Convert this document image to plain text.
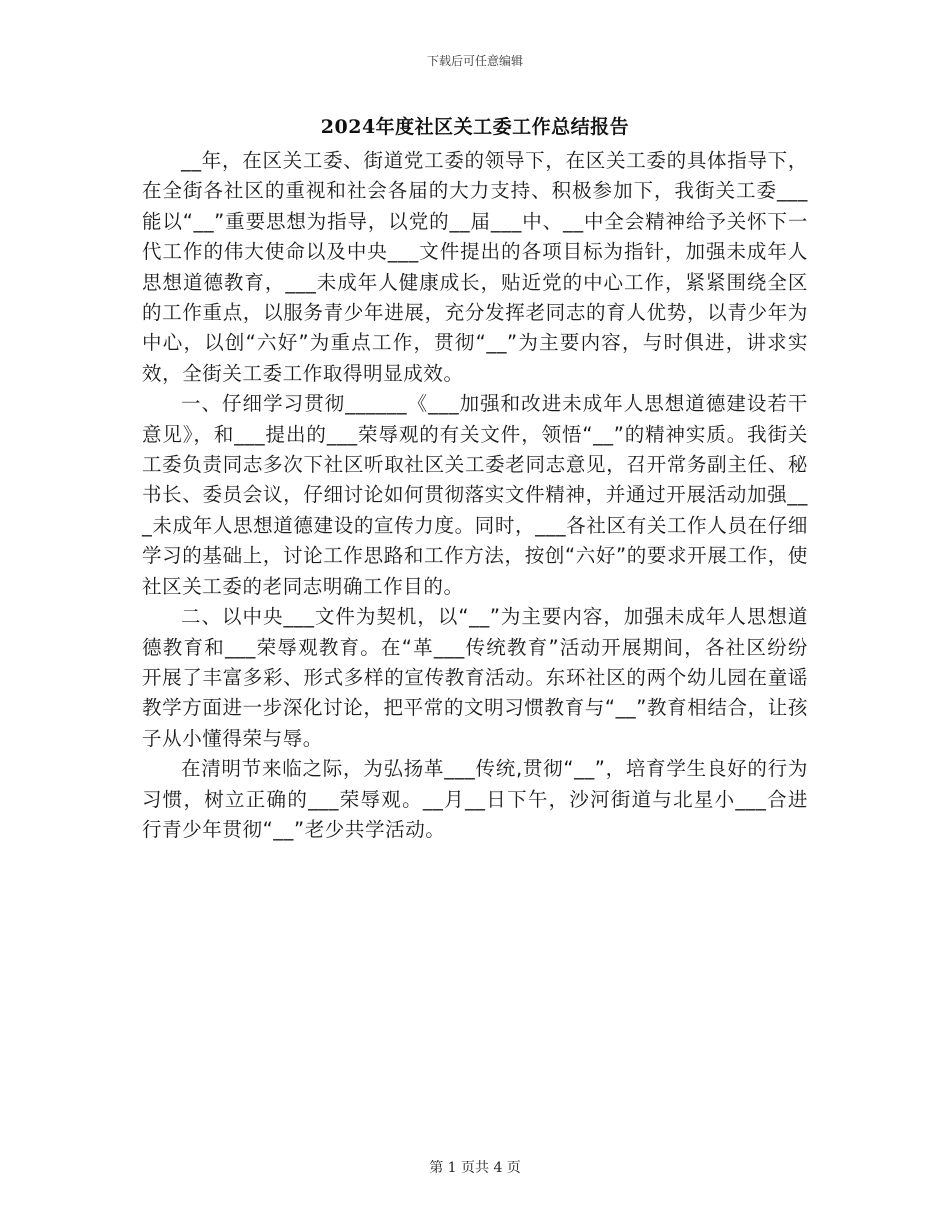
下载后可任意编辑
2024年度社区关工委工作总结报告

__年，在区关工委、街道党工委的领导下，在区关工委的具体指导下，在全街各社区的重视和社会各届的大力支持、积极参加下，我街关工委___能以“__”重要思想为指导，以党的__届___中、__中全会精神给予关怀下一代工作的伟大使命以及中央___文件提出的各项目标为指针，加强未成年人思想道德教育，___未成年人健康成长，贴近党的中心工作，紧紧围绕全区的工作重点，以服务青少年进展，充分发挥老同志的育人优势，以青少年为中心，以创“六好”为重点工作，贯彻“__”为主要内容，与时俱进，讲求实效，全街关工委工作取得明显成效。

一、仔细学习贯彻______《___加强和改进未成年人思想道德建设若干意见》，和___提出的___荣辱观的有关文件，领悟“__”的精神实质。我街关工委负责同志多次下社区听取社区关工委老同志意见，召开常务副主任、秘书长、委员会议，仔细讨论如何贯彻落实文件精神，并通过开展活动加强___未成年人思想道德建设的宣传力度。同时，___各社区有关工作人员在仔细学习的基础上，讨论工作思路和工作方法，按创“六好”的要求开展工作，使社区关工委的老同志明确工作目的。

二、以中央___文件为契机，以“__”为主要内容，加强未成年人思想道德教育和___荣辱观教育。在“革___传统教育”活动开展期间，各社区纷纷开展了丰富多彩、形式多样的宣传教育活动。东环社区的两个幼儿园在童谣教学方面进一步深化讨论，把平常的文明习惯教育与“__”教育相结合，让孩子从小懂得荣与辱。

在清明节来临之际，为弘扬革___传统,贯彻“__”，培育学生良好的行为习惯，树立正确的___荣辱观。__月__日下午，沙河街道与北星小___合进行青少年贯彻“__”老少共学活动。

第 1 页共 4 页
